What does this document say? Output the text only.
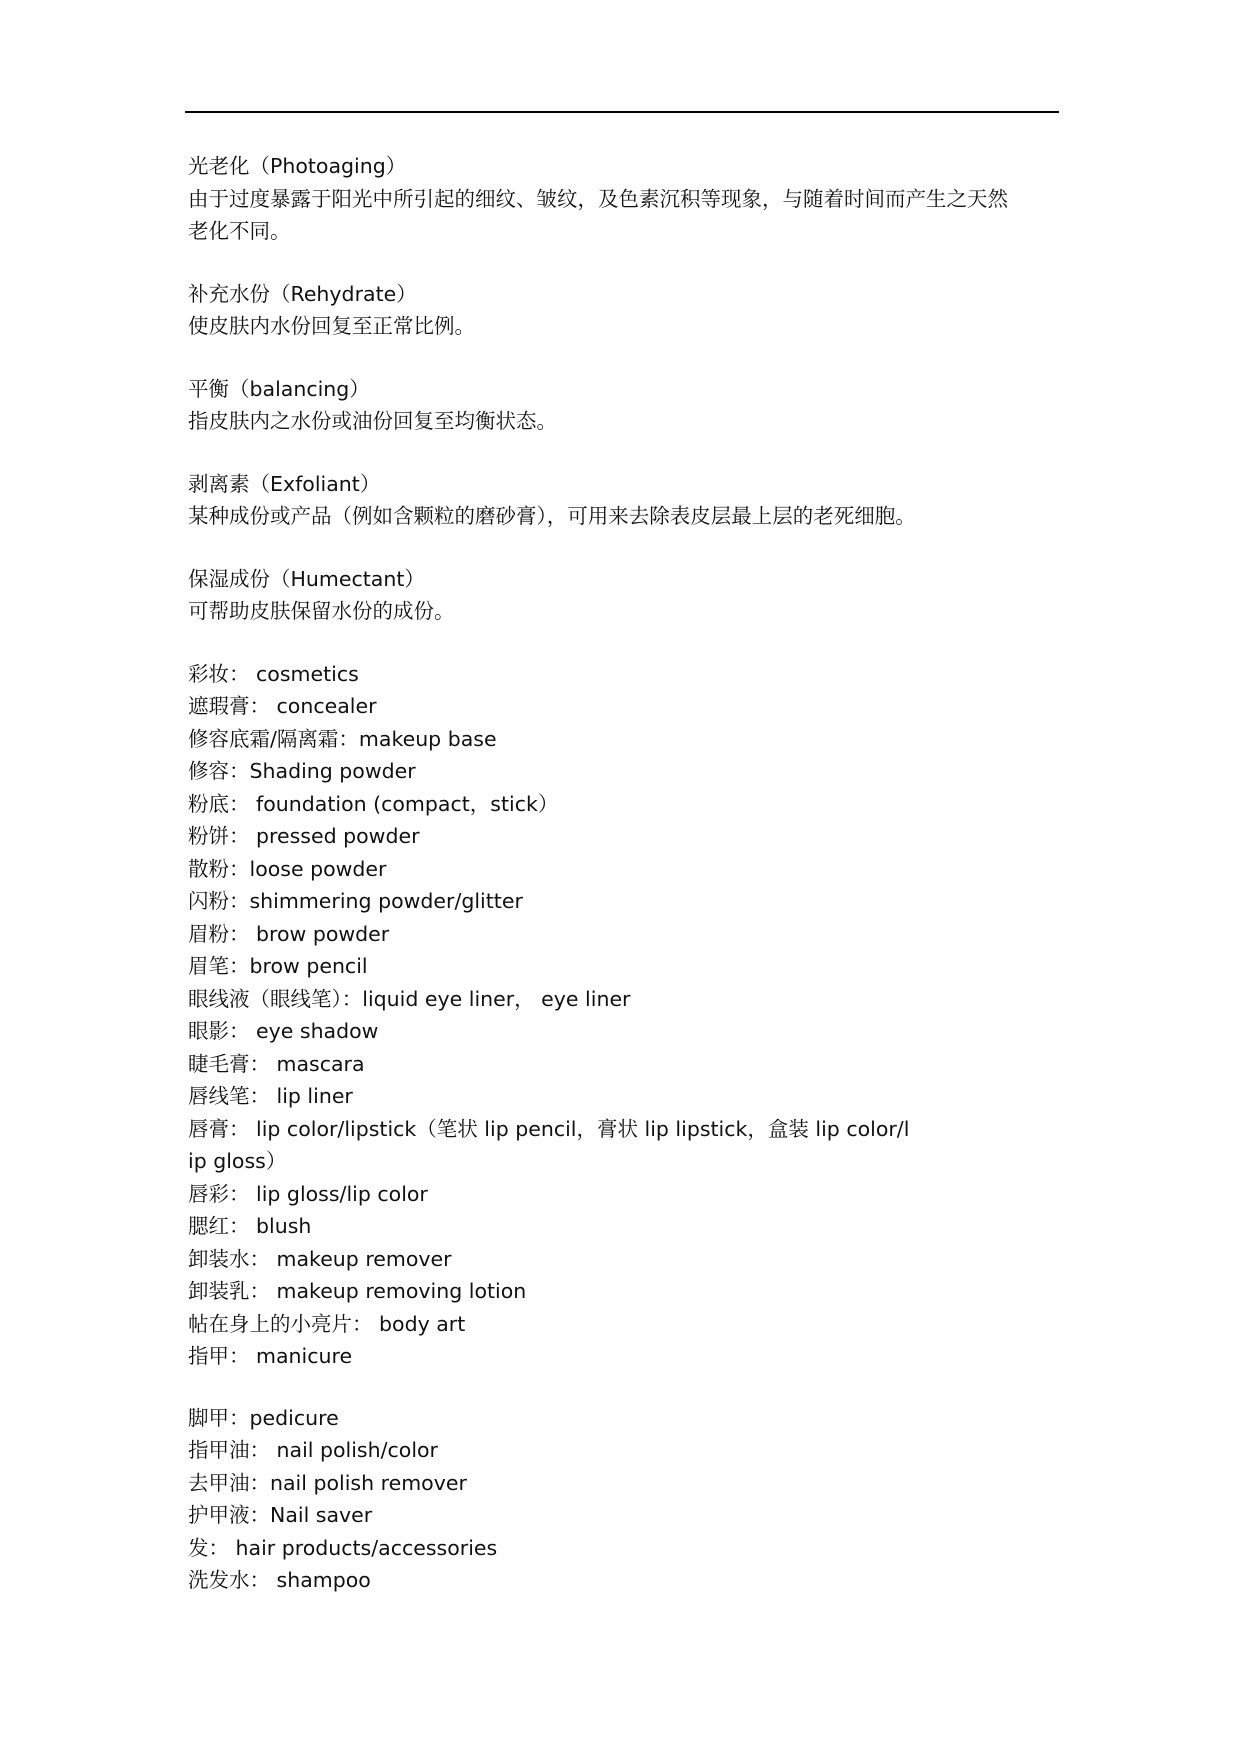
光老化（Photoaging）
由于过度暴露于阳光中所引起的细纹、皱纹，及色素沉积等现象，与随着时间而产生之天然
老化不同。
补充水份（Rehydrate）
使皮肤内水份回复至正常比例。
平衡（balancing）
指皮肤内之水份或油份回复至均衡状态。
剥离素（Exfoliant）
某种成份或产品（例如含颗粒的磨砂膏），可用来去除表皮层最上层的老死细胞。
保湿成份（Humectant）
可帮助皮肤保留水份的成份。
彩妆： cosmetics
遮瑕膏： concealer
修容底霜/隔离霜：makeup base
修容：Shading powder
粉底： foundation (compact，stick）
粉饼： pressed powder
散粉：loose powder
闪粉：shimmering powder/glitter
眉粉： brow powder
眉笔：brow pencil
眼线液（眼线笔）：liquid eye liner， eye liner
眼影： eye shadow
睫毛膏： mascara
唇线笔： lip liner
唇膏： lip color/lipstick（笔状 lip pencil，膏状 lip lipstick，盒装 lip color/l
ip gloss）
唇彩： lip gloss/lip color
腮红： blush
卸装水： makeup remover
卸装乳： makeup removing lotion
帖在身上的小亮片： body art
指甲： manicure
脚甲：pedicure
指甲油： nail polish/color
去甲油：nail polish remover
护甲液：Nail saver
发： hair products/accessories
洗发水： shampoo
